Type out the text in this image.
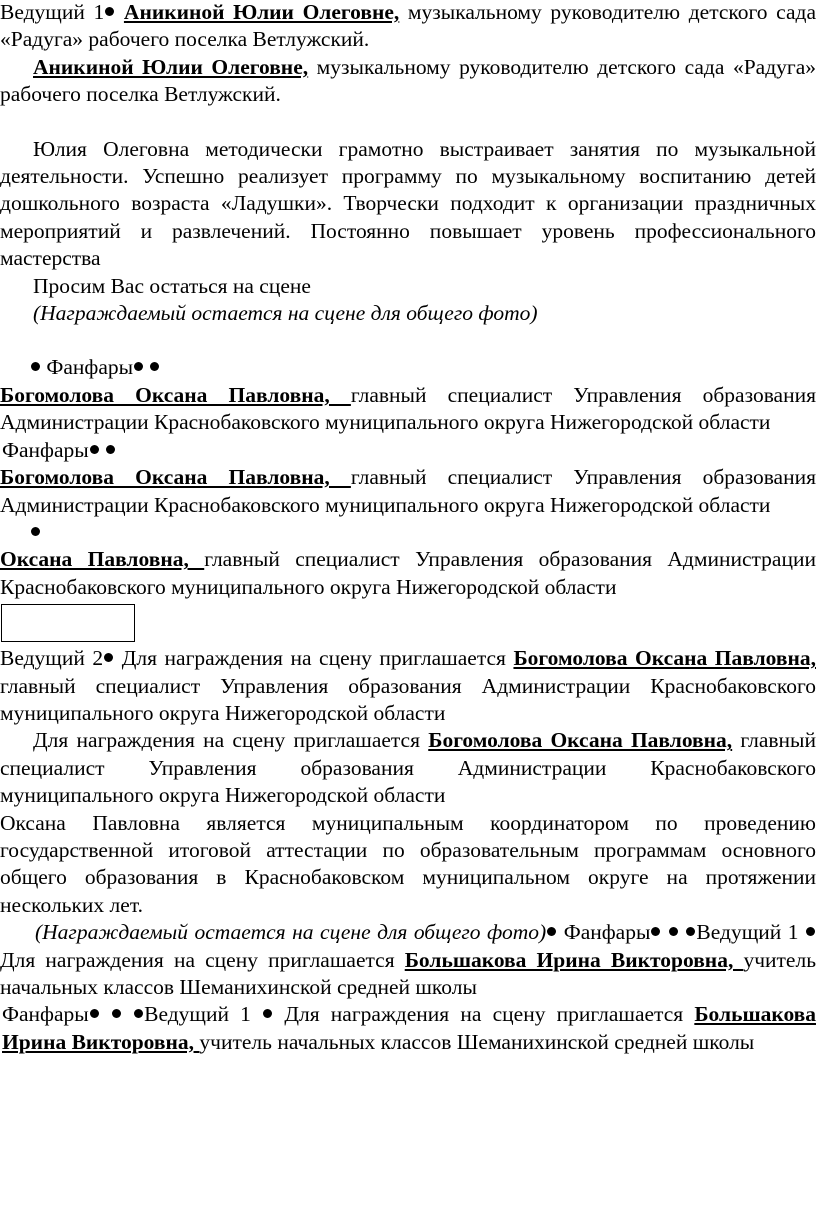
Ведущий 1 Аникиной Юлии Олеговне, музыкальному руководителю детского сада «Радуга» рабочего поселка Ветлужский.

Аникиной Юлии Олеговне, музыкальному руководителю детского сада «Радуга» рабочего поселка Ветлужский.

Юлия Олеговна методически грамотно выстраивает занятия по музыкальной деятельности. Успешно реализует программу по музыкальному воспитанию детей дошкольного возраста «Ладушки». Творчески подходит к организации праздничных мероприятий и развлечений. Постоянно повышает уровень профессионального мастерства

Просим Вас остаться на сцене

(Награждаемый остается на сцене для общего фото)

Фанфары

Богомолова Оксана Павловна, главный специалист Управления образования Администрации Краснобаковского муниципального округа Нижегородской области

Фанфары

Богомолова Оксана Павловна, главный специалист Управления образования Администрации Краснобаковского муниципального округа Нижегородской области

Оксана Павловна, главный специалист Управления образования Администрации Краснобаковского муниципального округа Нижегородской области

Ведущий 2 Для награждения на сцену приглашается Богомолова Оксана Павловна, главный специалист Управления образования Администрации Краснобаковского муниципального округа Нижегородской области

Для награждения на сцену приглашается Богомолова Оксана Павловна, главный специалист Управления образования Администрации Краснобаковского муниципального округа Нижегородской области

Оксана Павловна является муниципальным координатором по проведению государственной итоговой аттестации по образовательным программам основного общего образования в Краснобаковском муниципальном округе на протяжении нескольких лет.

(Награждаемый остается на сцене для общего фото) Фанфары Ведущий 1  Для награждения на сцену приглашается Большакова Ирина Викторовна, учитель начальных классов Шеманихинской средней школы

Фанфары	Ведущий 1  Для награждения на сцену приглашается Большакова Ирина Викторовна, учитель начальных классов Шеманихинской средней школы
